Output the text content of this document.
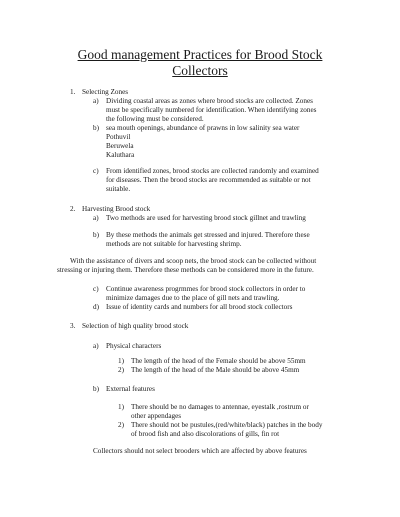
Good management Practices for Brood Stock
Collectors
1. Selecting Zones
a) Dividing coastal areas as zones where brood stocks are collected. Zones
must be specifically numbered for identification. When identifying zones
the following must be considered.
b) sea mouth openings, abundance of prawns in low salinity sea water
Pothuvil
Beruwela
Kaluthara
c) From identified zones, brood stocks are collected randomly and examined
for diseases. Then the brood stocks are recommended as suitable or not
suitable.
2. Harvesting Brood stock
a) Two methods are used for harvesting brood stock gillnet and trawling
b) By these methods the animals get stressed and injured. Therefore these
methods are not suitable for harvesting shrimp.
With the assistance of divers and scoop nets, the brood stock can be collected without
stressing or injuring them. Therefore these methods can be considered more in the future.
c) Continue awareness progrmmes for brood stock collectors in order to
minimize damages due to the place of gill nets and trawling.
d) Issue of identity cards and numbers for all brood stock collectors
3. Selection of high quality brood stock
a) Physical characters
1) The length of the head of the Female should be above 55mm
2) The length of the head of the Male should be above 45mm
b) External features
1) There should be no damages to antennae, eyestalk ,rostrum or
other appendages
2) There should not be pustules,(red/white/black) patches in the body
of brood fish and also discolorations of gills, fin rot
Collectors should not select brooders which are affected by above features
